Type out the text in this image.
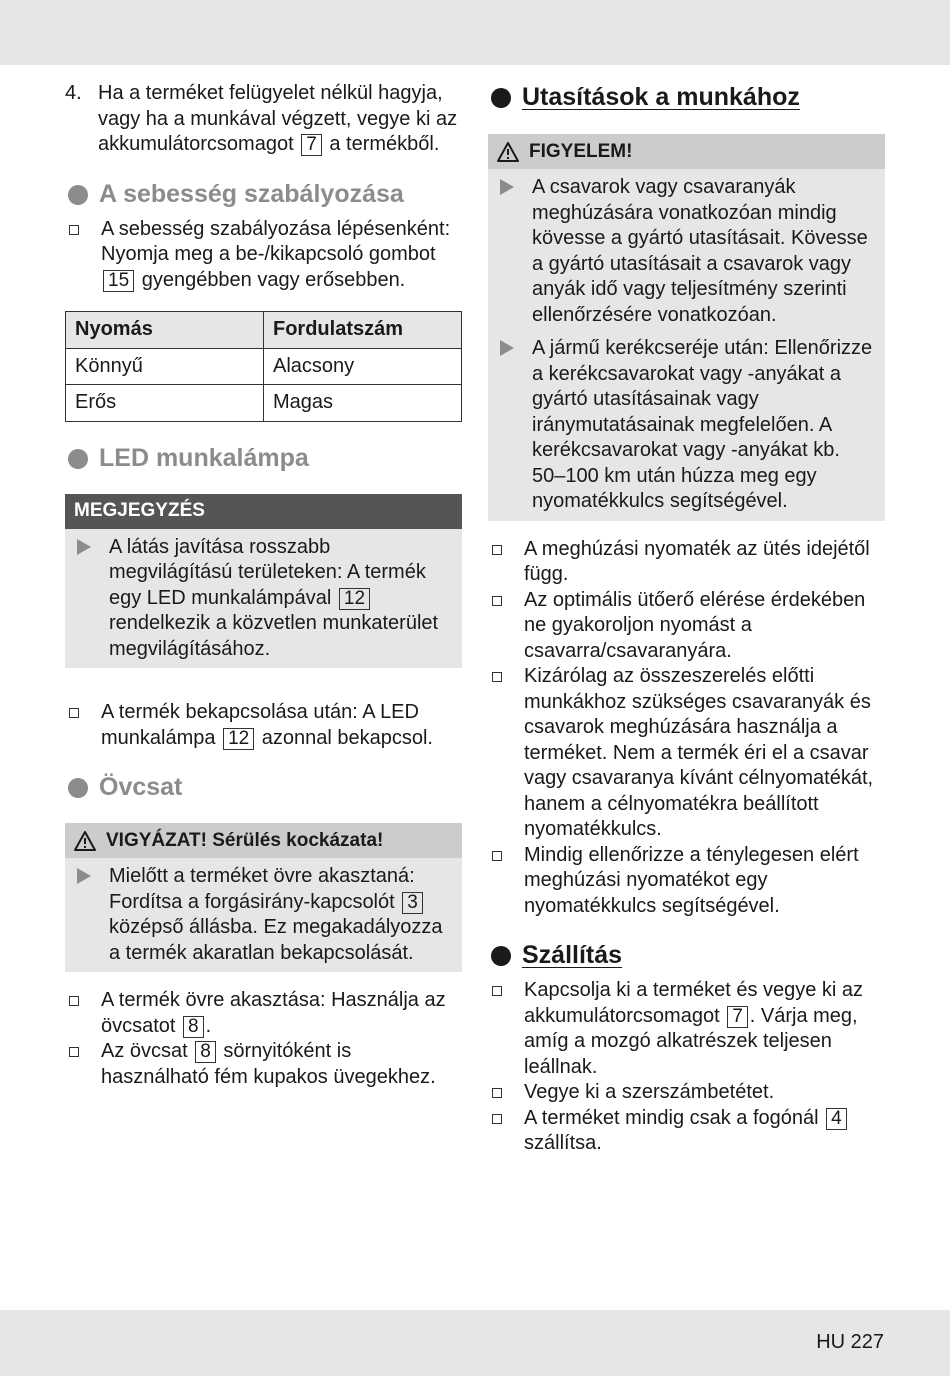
4. Ha a terméket felügyelet nélkül hagyja, vagy ha a munkával végzett, vegye ki az akkumulátorcsomagot 7 a termékből.
A sebesség szabályozása
A sebesség szabályozása lépésenként: Nyomja meg a be-/kikapcsoló gombot 15 gyengébben vagy erősebben.
Nyomás	Fordulatszám
Könnyű	Alacsony
Erős	Magas
LED munkalámpa
MEGJEGYZÉS
A látás javítása rosszabb megvilágítású területeken: A termék egy LED munkalámpával 12 rendelkezik a közvetlen munkaterület megvilágításához.
A termék bekapcsolása után: A LED munkalámpa 12 azonnal bekapcsol.
Övcsat
VIGYÁZAT! Sérülés kockázata!
Mielőtt a terméket övre akasztaná: Fordítsa a forgásirány-kapcsolót 3 középső állásba. Ez megakadályozza a termék akaratlan bekapcsolását.
A termék övre akasztása: Használja az övcsatot 8 .
Az övcsat 8 sörnyitóként is használható fém kupakos üvegekhez.
Utasítások a munkához
FIGYELEM!
A csavarok vagy csavaranyák meghúzására vonatkozóan mindig kövesse a gyártó utasításait. Kövesse a gyártó utasításait a csavarok vagy anyák idő vagy teljesítmény szerinti ellenőrzésére vonatkozóan.
A jármű kerékcseréje után: Ellenőrizze a kerékcsavarokat vagy -anyákat a gyártó utasításainak vagy iránymutatásainak megfelelően. A kerékcsavarokat vagy -anyákat kb. 50–100 km után húzza meg egy nyomatékkulcs segítségével.
A meghúzási nyomaték az ütés idejétől függ.
Az optimális ütőerő elérése érdekében ne gyakoroljon nyomást a csavarra/csavaranyára.
Kizárólag az összeszerelés előtti munkákhoz szükséges csavaranyák és csavarok meghúzására használja a terméket. Nem a termék éri el a csavar vagy csavaranya kívánt célnyomatékát, hanem a célnyomatékra beállított nyomatékkulcs.
Mindig ellenőrizze a ténylegesen elért meghúzási nyomatékot egy nyomatékkulcs segítségével.
Szállítás
Kapcsolja ki a terméket és vegye ki az akkumulátorcsomagot 7 . Várja meg, amíg a mozgó alkatrészek teljesen leállnak.
Vegye ki a szerszámbetétet.
A terméket mindig csak a fogónál 4 szállítsa.
HU 227
